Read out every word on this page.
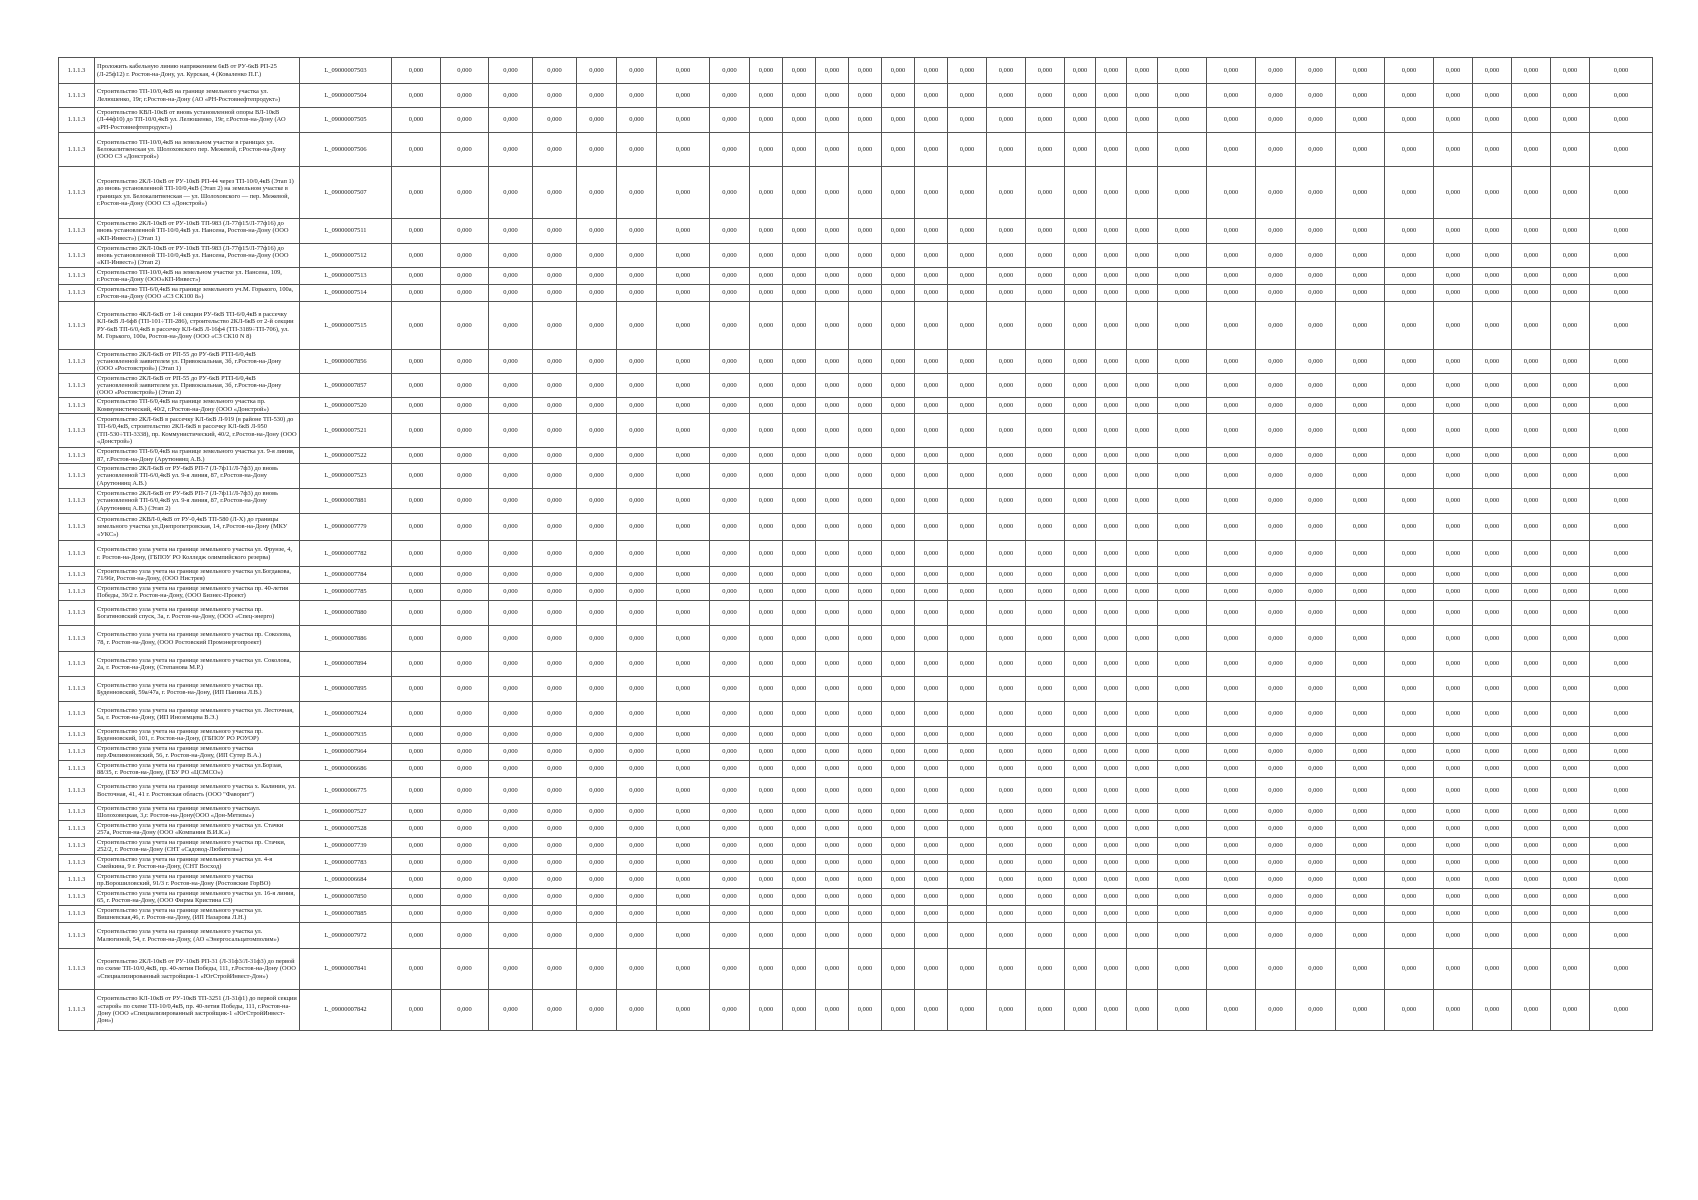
1.1.1.3	Проложить кабельную линию напряжением 6кВ от РУ-6кВ РП-25 (Л-25ф12) г. Ростов-на-Дону, ул. Курская, 4 (Коваленко П.Г.)	L_09000007503	0,000	0,000	0,000	0,000	0,000	0,000	0,000	0,000	0,000	0,000	0,000	0,000	0,000	0,000	0,000	0,000	0,000	0,000	0,000	0,000	0,000	0,000	0,000	0,000	0,000	0,000	0,000	0,000	0,000	0,000	0,000
1.1.1.3	Строительство ТП-10/0,4кВ на границе земельного участка ул. Лелюшенко, 19г, г.Ростов-на-Дону (АО «РН-Ростовнефтепродукт»)	L_09000007504	0,000	0,000	0,000	0,000	0,000	0,000	0,000	0,000	0,000	0,000	0,000	0,000	0,000	0,000	0,000	0,000	0,000	0,000	0,000	0,000	0,000	0,000	0,000	0,000	0,000	0,000	0,000	0,000	0,000	0,000	0,000
1.1.1.3	Строительство КВЛ-10кВ от вновь установленной опоры ВЛ-10кВ (Л-44ф10) до ТП-10/0,4кВ ул. Лелюшенко, 19г, г.Ростов-на-Дону (АО «РН-Ростовнефтепродукт»)	L_09000007505	0,000	0,000	0,000	0,000	0,000	0,000	0,000	0,000	0,000	0,000	0,000	0,000	0,000	0,000	0,000	0,000	0,000	0,000	0,000	0,000	0,000	0,000	0,000	0,000	0,000	0,000	0,000	0,000	0,000	0,000	0,000
1.1.1.3	Строительство ТП-10/0,4кВ на земельном участке в границах ул. Белокалитвенская ул. Шолоховского пер. Межевой, г.Ростов-на-Дону (ООО СЗ «Донстрой»)	L_09000007506	0,000	0,000	0,000	0,000	0,000	0,000	0,000	0,000	0,000	0,000	0,000	0,000	0,000	0,000	0,000	0,000	0,000	0,000	0,000	0,000	0,000	0,000	0,000	0,000	0,000	0,000	0,000	0,000	0,000	0,000	0,000
1.1.1.3	Строительство 2КЛ-10кВ от РУ-10кВ РП-44 через ТП-10/0,4кВ (Этап 1) до вновь установленной ТП-10/0,4кВ (Этап 2) на земельном участке в границах ул. Белокалитвенская — ул. Шолоховского — пер. Межевой, г.Ростов-на-Дону (ООО СЗ «Донстрой»)	L_09000007507	0,000	0,000	0,000	0,000	0,000	0,000	0,000	0,000	0,000	0,000	0,000	0,000	0,000	0,000	0,000	0,000	0,000	0,000	0,000	0,000	0,000	0,000	0,000	0,000	0,000	0,000	0,000	0,000	0,000	0,000	0,000
1.1.1.3	Строительство 2КЛ-10кВ от РУ-10кВ ТП-983 (Л-77ф15/Л-77ф16) до вновь установленной ТП-10/0,4кВ ул. Нансена, Ростов-на-Дону (ООО «КП-Инвест») (Этап 1)	L_09000007511	0,000	0,000	0,000	0,000	0,000	0,000	0,000	0,000	0,000	0,000	0,000	0,000	0,000	0,000	0,000	0,000	0,000	0,000	0,000	0,000	0,000	0,000	0,000	0,000	0,000	0,000	0,000	0,000	0,000	0,000	0,000
1.1.1.3	Строительство 2КЛ-10кВ от РУ-10кВ ТП-983 (Л-77ф15/Л-77ф16) до вновь установленной ТП-10/0,4кВ ул. Нансена, Ростов-на-Дону (ООО «КП-Инвест») (Этап 2)	L_09000007512	0,000	0,000	0,000	0,000	0,000	0,000	0,000	0,000	0,000	0,000	0,000	0,000	0,000	0,000	0,000	0,000	0,000	0,000	0,000	0,000	0,000	0,000	0,000	0,000	0,000	0,000	0,000	0,000	0,000	0,000	0,000
1.1.1.3	Строительство ТП-10/0,4кВ на земельном участке ул. Нансена, 109, г.Ростов-на-Дону (ООО«КП-Инвест»)	L_09000007513	0,000	0,000	0,000	0,000	0,000	0,000	0,000	0,000	0,000	0,000	0,000	0,000	0,000	0,000	0,000	0,000	0,000	0,000	0,000	0,000	0,000	0,000	0,000	0,000	0,000	0,000	0,000	0,000	0,000	0,000	0,000
1.1.1.3	Строительство ТП-6/0,4кВ на границе земельного уч.М. Горького, 100а, г.Ростов-на-Дону (ООО «СЗ СК100 8»)	L_09000007514	0,000	0,000	0,000	0,000	0,000	0,000	0,000	0,000	0,000	0,000	0,000	0,000	0,000	0,000	0,000	0,000	0,000	0,000	0,000	0,000	0,000	0,000	0,000	0,000	0,000	0,000	0,000	0,000	0,000	0,000	0,000
1.1.1.3	Строительство 4КЛ-6кВ от 1-й секции РУ-6кВ ТП-6/0,4кВ в рассечку КЛ-6кВ Л-6ф8 (ТП-101÷ТП-286), строительство 2КЛ-6кВ от 2-й секции РУ-6кВ ТП-6/0,4кВ в рассечку КЛ-6кВ Л-16ф4 (ТП-3189÷ТП-706), ул. М. Горького, 100а, Ростов-на-Дону (ООО «СЗ СК10 N 8)	L_09000007515	0,000	0,000	0,000	0,000	0,000	0,000	0,000	0,000	0,000	0,000	0,000	0,000	0,000	0,000	0,000	0,000	0,000	0,000	0,000	0,000	0,000	0,000	0,000	0,000	0,000	0,000	0,000	0,000	0,000	0,000	0,000
1.1.1.3	Строительство 2КЛ-6кВ от РП-55 до РУ-6кВ РТП-6/0,4кВ установленной заявителем ул. Привокзальная, 3б, г.Ростов-на-Дону (ООО «Ростовстрой») (Этап 1)	L_09000007856	0,000	0,000	0,000	0,000	0,000	0,000	0,000	0,000	0,000	0,000	0,000	0,000	0,000	0,000	0,000	0,000	0,000	0,000	0,000	0,000	0,000	0,000	0,000	0,000	0,000	0,000	0,000	0,000	0,000	0,000	0,000
1.1.1.3	Строительство 2КЛ-6кВ от РП-55 до РУ-6кВ РТП-6/0,4кВ установленной заявителем ул. Привокзальная, 3б, г.Ростов-на-Дону (ООО «Ростовстрой») (Этап 2)	L_09000007857	0,000	0,000	0,000	0,000	0,000	0,000	0,000	0,000	0,000	0,000	0,000	0,000	0,000	0,000	0,000	0,000	0,000	0,000	0,000	0,000	0,000	0,000	0,000	0,000	0,000	0,000	0,000	0,000	0,000	0,000	0,000
1.1.1.3	Строительство ТП-6/0,4кВ на границе земельного участка пр. Коммунистический, 40/2, г.Ростов-на-Дону (ООО «Донстрой»)	L_09000007520	0,000	0,000	0,000	0,000	0,000	0,000	0,000	0,000	0,000	0,000	0,000	0,000	0,000	0,000	0,000	0,000	0,000	0,000	0,000	0,000	0,000	0,000	0,000	0,000	0,000	0,000	0,000	0,000	0,000	0,000	0,000
1.1.1.3	Строительство 2КЛ-6кВ в рассечку КЛ-6кВ Л-919 (в районе ТП-530) до ТП-6/0,4кВ, строительство 2КЛ-6кВ в рассечку КЛ-6кВ Л-950 (ТП-530÷ТП-3338), пр. Коммунистический, 40/2, г.Ростов-на-Дону (ООО «Донстрой»)	L_09000007521	0,000	0,000	0,000	0,000	0,000	0,000	0,000	0,000	0,000	0,000	0,000	0,000	0,000	0,000	0,000	0,000	0,000	0,000	0,000	0,000	0,000	0,000	0,000	0,000	0,000	0,000	0,000	0,000	0,000	0,000	0,000
1.1.1.3	Строительство ТП-6/0,4кВ на границе земельного участка ул. 9-я линия, 87, г.Ростов-на-Дону (Арутюнянц А.В.)	L_09000007522	0,000	0,000	0,000	0,000	0,000	0,000	0,000	0,000	0,000	0,000	0,000	0,000	0,000	0,000	0,000	0,000	0,000	0,000	0,000	0,000	0,000	0,000	0,000	0,000	0,000	0,000	0,000	0,000	0,000	0,000	0,000
1.1.1.3	Строительство 2КЛ-6кВ от РУ-6кВ РП-7 (Л-7ф11/Л-7ф3) до вновь установленной ТП-6/0,4кВ ул. 9-я линия, 87, г.Ростов-на-Дону (Арутюнянц А.В.)	L_09000007523	0,000	0,000	0,000	0,000	0,000	0,000	0,000	0,000	0,000	0,000	0,000	0,000	0,000	0,000	0,000	0,000	0,000	0,000	0,000	0,000	0,000	0,000	0,000	0,000	0,000	0,000	0,000	0,000	0,000	0,000	0,000
1.1.1.3	Строительство 2КЛ-6кВ от РУ-6кВ РП-7 (Л-7ф11/Л-7ф3) до вновь установленной ТП-6/0,4кВ ул. 9-я линия, 87, г.Ростов-на-Дону (Арутюнянц А.В.) (Этап 2)	L_09000007881	0,000	0,000	0,000	0,000	0,000	0,000	0,000	0,000	0,000	0,000	0,000	0,000	0,000	0,000	0,000	0,000	0,000	0,000	0,000	0,000	0,000	0,000	0,000	0,000	0,000	0,000	0,000	0,000	0,000	0,000	0,000
1.1.1.3	Строительство 2КВЛ-0,4кВ от РУ-0,4кВ ТП-580 (Л-X) до границы земельного участка ул.Днепропетровская, 14, г.Ростов-на-Дону (МКУ «УКС»)	L_09000007779	0,000	0,000	0,000	0,000	0,000	0,000	0,000	0,000	0,000	0,000	0,000	0,000	0,000	0,000	0,000	0,000	0,000	0,000	0,000	0,000	0,000	0,000	0,000	0,000	0,000	0,000	0,000	0,000	0,000	0,000	0,000
1.1.1.3	Строительство узла учета на границе земельного участка ул. Фрунзе, 4, г. Ростов-на-Дону, (ГБПОУ РО Колледж олимпийского резерва)	L_09000007782	0,000	0,000	0,000	0,000	0,000	0,000	0,000	0,000	0,000	0,000	0,000	0,000	0,000	0,000	0,000	0,000	0,000	0,000	0,000	0,000	0,000	0,000	0,000	0,000	0,000	0,000	0,000	0,000	0,000	0,000	0,000
1.1.1.3	Строительство узла учета на границе земельного участка ул.Богдакова, 71/96г, Ростов-на-Дону, (ООО Нистрея)	L_09000007784	0,000	0,000	0,000	0,000	0,000	0,000	0,000	0,000	0,000	0,000	0,000	0,000	0,000	0,000	0,000	0,000	0,000	0,000	0,000	0,000	0,000	0,000	0,000	0,000	0,000	0,000	0,000	0,000	0,000	0,000	0,000
1.1.1.3	Строительство узла учета на границе земельного участка пр. 40-летия Победы, 39/2 г. Ростов-на-Дону, (ООО Бизнес-Проект)	L_09000007785	0,000	0,000	0,000	0,000	0,000	0,000	0,000	0,000	0,000	0,000	0,000	0,000	0,000	0,000	0,000	0,000	0,000	0,000	0,000	0,000	0,000	0,000	0,000	0,000	0,000	0,000	0,000	0,000	0,000	0,000	0,000
1.1.1.3	Строительство узла учета на границе земельного участка пр. Богатяновский спуск, 3а, г. Ростов-на-Дону, (ООО «Спец-энерго)	L_09000007880	0,000	0,000	0,000	0,000	0,000	0,000	0,000	0,000	0,000	0,000	0,000	0,000	0,000	0,000	0,000	0,000	0,000	0,000	0,000	0,000	0,000	0,000	0,000	0,000	0,000	0,000	0,000	0,000	0,000	0,000	0,000
1.1.1.3	Строительство узла учета на границе земельного участка пр. Соколова, 78, г. Ростов-на-Дону, (ООО Ростовский Промэнергопроект)	L_09000007886	0,000	0,000	0,000	0,000	0,000	0,000	0,000	0,000	0,000	0,000	0,000	0,000	0,000	0,000	0,000	0,000	0,000	0,000	0,000	0,000	0,000	0,000	0,000	0,000	0,000	0,000	0,000	0,000	0,000	0,000	0,000
1.1.1.3	Строительство узла учета на границе земельного участка ул. Соколова, 2а, г. Ростов-на-Дону, (Степанова М.Р.)	L_09000007894	0,000	0,000	0,000	0,000	0,000	0,000	0,000	0,000	0,000	0,000	0,000	0,000	0,000	0,000	0,000	0,000	0,000	0,000	0,000	0,000	0,000	0,000	0,000	0,000	0,000	0,000	0,000	0,000	0,000	0,000	0,000
1.1.1.3	Строительство узла учета на границе земельного участка пр. Буденновский, 59а/47а, г. Ростов-на-Дону, (ИП Панина Л.В.)	L_09000007895	0,000	0,000	0,000	0,000	0,000	0,000	0,000	0,000	0,000	0,000	0,000	0,000	0,000	0,000	0,000	0,000	0,000	0,000	0,000	0,000	0,000	0,000	0,000	0,000	0,000	0,000	0,000	0,000	0,000	0,000	0,000
1.1.1.3	Строительство узла учета на границе земельного участка ул. Лесточная, 5а, г. Ростов-на-Дону, (ИП Иноземцева В.Э.)	L_09000007924	0,000	0,000	0,000	0,000	0,000	0,000	0,000	0,000	0,000	0,000	0,000	0,000	0,000	0,000	0,000	0,000	0,000	0,000	0,000	0,000	0,000	0,000	0,000	0,000	0,000	0,000	0,000	0,000	0,000	0,000	0,000
1.1.1.3	Строительство узла учета на границе земельного участка пр. Буденновский, 101, г. Ростов-на-Дону, (ГБПОУ РО РОУОР)	L_09000007935	0,000	0,000	0,000	0,000	0,000	0,000	0,000	0,000	0,000	0,000	0,000	0,000	0,000	0,000	0,000	0,000	0,000	0,000	0,000	0,000	0,000	0,000	0,000	0,000	0,000	0,000	0,000	0,000	0,000	0,000	0,000
1.1.1.3	Строительство узла учета на границе земельного участка пер.Филимоновский, 56, г. Ростов-на-Дону, (ИП Сутер В.А.)	L_09000007964	0,000	0,000	0,000	0,000	0,000	0,000	0,000	0,000	0,000	0,000	0,000	0,000	0,000	0,000	0,000	0,000	0,000	0,000	0,000	0,000	0,000	0,000	0,000	0,000	0,000	0,000	0,000	0,000	0,000	0,000	0,000
1.1.1.3	Строительство узла учета на границе земельного участка ул.Борзая, 88/35, г. Ростов-на-Дону, (ГБУ РО «ЦСМСО»)	L_09000006686	0,000	0,000	0,000	0,000	0,000	0,000	0,000	0,000	0,000	0,000	0,000	0,000	0,000	0,000	0,000	0,000	0,000	0,000	0,000	0,000	0,000	0,000	0,000	0,000	0,000	0,000	0,000	0,000	0,000	0,000	0,000
1.1.1.3	Строительство узла учета на границе земельного участка х. Калинин, ул. Восточная, 41, 41 г. Ростовская область (ООО "Фаворит")	L_09000006775	0,000	0,000	0,000	0,000	0,000	0,000	0,000	0,000	0,000	0,000	0,000	0,000	0,000	0,000	0,000	0,000	0,000	0,000	0,000	0,000	0,000	0,000	0,000	0,000	0,000	0,000	0,000	0,000	0,000	0,000	0,000
1.1.1.3	Строительство узла учета на границе земельного участкаул. Шолоховецкая, 3,г. Ростов-на-Дону(ООО «Дон-Метизы»)	L_09000007527	0,000	0,000	0,000	0,000	0,000	0,000	0,000	0,000	0,000	0,000	0,000	0,000	0,000	0,000	0,000	0,000	0,000	0,000	0,000	0,000	0,000	0,000	0,000	0,000	0,000	0,000	0,000	0,000	0,000	0,000	0,000
1.1.1.3	Строительство узла учета на границе земельного участка ул. Стачки 257а, Ростов-на-Дону (ООО «Компания В.И.К.»)	L_09000007528	0,000	0,000	0,000	0,000	0,000	0,000	0,000	0,000	0,000	0,000	0,000	0,000	0,000	0,000	0,000	0,000	0,000	0,000	0,000	0,000	0,000	0,000	0,000	0,000	0,000	0,000	0,000	0,000	0,000	0,000	0,000
1.1.1.3	Строительство узла учета на границе земельного участка пр. Стачки, 252/2, г. Ростов-на-Дону (СНТ «Садовод-Любитель»)	L_09000007739	0,000	0,000	0,000	0,000	0,000	0,000	0,000	0,000	0,000	0,000	0,000	0,000	0,000	0,000	0,000	0,000	0,000	0,000	0,000	0,000	0,000	0,000	0,000	0,000	0,000	0,000	0,000	0,000	0,000	0,000	0,000
1.1.1.3	Строительство узла учета на границе земельного участка ул. 4-я Смейкина, 9 г. Ростов-на-Дону, (СНТ Восход)	L_09000007783	0,000	0,000	0,000	0,000	0,000	0,000	0,000	0,000	0,000	0,000	0,000	0,000	0,000	0,000	0,000	0,000	0,000	0,000	0,000	0,000	0,000	0,000	0,000	0,000	0,000	0,000	0,000	0,000	0,000	0,000	0,000
1.1.1.3	Строительство узла учета на границе земельного участка пр.Ворошиловский, 91/3 г. Ростов-на-Дону (Ростовские ГорВО)	L_09000006684	0,000	0,000	0,000	0,000	0,000	0,000	0,000	0,000	0,000	0,000	0,000	0,000	0,000	0,000	0,000	0,000	0,000	0,000	0,000	0,000	0,000	0,000	0,000	0,000	0,000	0,000	0,000	0,000	0,000	0,000	0,000
1.1.1.3	Строительство узла учета на границе земельного участка ул. 16-я линия, 65, г. Ростов-на-Дону, (ООО Фирма Кристина СЗ)	L_09000007850	0,000	0,000	0,000	0,000	0,000	0,000	0,000	0,000	0,000	0,000	0,000	0,000	0,000	0,000	0,000	0,000	0,000	0,000	0,000	0,000	0,000	0,000	0,000	0,000	0,000	0,000	0,000	0,000	0,000	0,000	0,000
1.1.1.3	Строительство узла учета на границе земельного участка ул. Вишневская,46, г. Ростов-на-Дону, (ИП Назарова Л.Н.)	L_09000007885	0,000	0,000	0,000	0,000	0,000	0,000	0,000	0,000	0,000	0,000	0,000	0,000	0,000	0,000	0,000	0,000	0,000	0,000	0,000	0,000	0,000	0,000	0,000	0,000	0,000	0,000	0,000	0,000	0,000	0,000	0,000
1.1.1.3	Строительство узла учета на границе земельного участка ул. Малюгиной, 54, г. Ростов-на-Дону, (АО «Энергосальцатомполим»)	L_09000007972	0,000	0,000	0,000	0,000	0,000	0,000	0,000	0,000	0,000	0,000	0,000	0,000	0,000	0,000	0,000	0,000	0,000	0,000	0,000	0,000	0,000	0,000	0,000	0,000	0,000	0,000	0,000	0,000	0,000	0,000	0,000
1.1.1.3	Строительство 2КЛ-10кВ от РУ-10кВ РП-31 (Л-31ф3/Л-31ф3) до первой по схеме ТП-10/0,4кВ, пр. 40-летия Победы, 111, г.Ростов-на-Дону (ООО «Специализированный застройщик-1 «ЮгСтройИнвест-Дон»)	L_09000007841	0,000	0,000	0,000	0,000	0,000	0,000	0,000	0,000	0,000	0,000	0,000	0,000	0,000	0,000	0,000	0,000	0,000	0,000	0,000	0,000	0,000	0,000	0,000	0,000	0,000	0,000	0,000	0,000	0,000	0,000	0,000
1.1.1.3	Строительство КЛ-10кВ от РУ-10кВ ТП-3251 (Л-31ф1) до первой секции «старой» по схеме ТП-10/0,4кВ, пр. 40-летия Победы, 111, г.Ростов-на-Дону (ООО «Специализированный застройщик-1 «ЮгСтройИнвест-Дон»)	L_09000007842	0,000	0,000	0,000	0,000	0,000	0,000	0,000	0,000	0,000	0,000	0,000	0,000	0,000	0,000	0,000	0,000	0,000	0,000	0,000	0,000	0,000	0,000	0,000	0,000	0,000	0,000	0,000	0,000	0,000	0,000	0,000
